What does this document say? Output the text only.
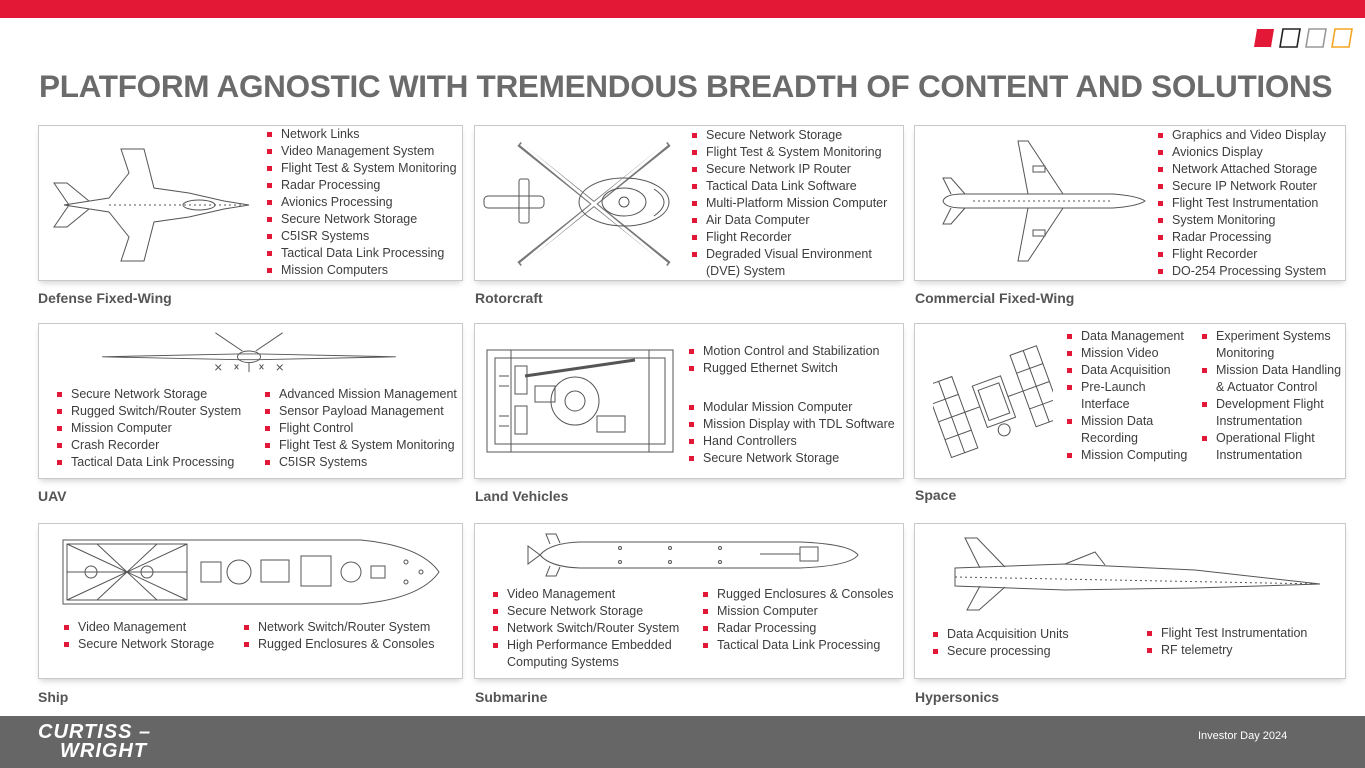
PLATFORM AGNOSTIC WITH TREMENDOUS BREADTH OF CONTENT AND SOLUTIONS
Network Links
Video Management System
Flight Test & System Monitoring
Radar Processing
Avionics Processing
Secure Network Storage
C5ISR Systems
Tactical Data Link Processing
Mission Computers
Defense Fixed-Wing
Secure Network Storage
Flight Test & System Monitoring
Secure Network IP Router
Tactical Data Link Software
Multi-Platform Mission Computer
Air Data Computer
Flight Recorder
Degraded Visual Environment (DVE) System
Rotorcraft
Graphics and Video Display
Avionics Display
Network Attached Storage
Secure IP Network Router
Flight Test Instrumentation
System Monitoring
Radar Processing
Flight Recorder
DO-254 Processing System
Commercial Fixed-Wing
Secure Network Storage
Rugged Switch/Router System
Mission Computer
Crash Recorder
Tactical Data Link Processing
Advanced Mission Management
Sensor Payload Management
Flight Control
Flight Test & System Monitoring
C5ISR Systems
UAV
Motion Control and Stabilization
Rugged Ethernet Switch
Modular Mission Computer
Mission Display with TDL Software
Hand Controllers
Secure Network Storage
Land Vehicles
Data Management
Mission Video
Data Acquisition
Pre-Launch Interface
Mission Data Recording
Mission Computing
Experiment Systems Monitoring
Mission Data Handling & Actuator Control
Development Flight Instrumentation
Operational Flight Instrumentation
Space
Video Management
Secure Network Storage
Network Switch/Router System
Rugged Enclosures & Consoles
Ship
Video Management
Secure Network Storage
Network Switch/Router System
High Performance Embedded Computing Systems
Rugged Enclosures & Consoles
Mission Computer
Radar Processing
Tactical Data Link Processing
Submarine
Data Acquisition Units
Secure processing
Flight Test Instrumentation
RF telemetry
Hypersonics
CURTISS –
WRIGHT
Investor Day 2024
